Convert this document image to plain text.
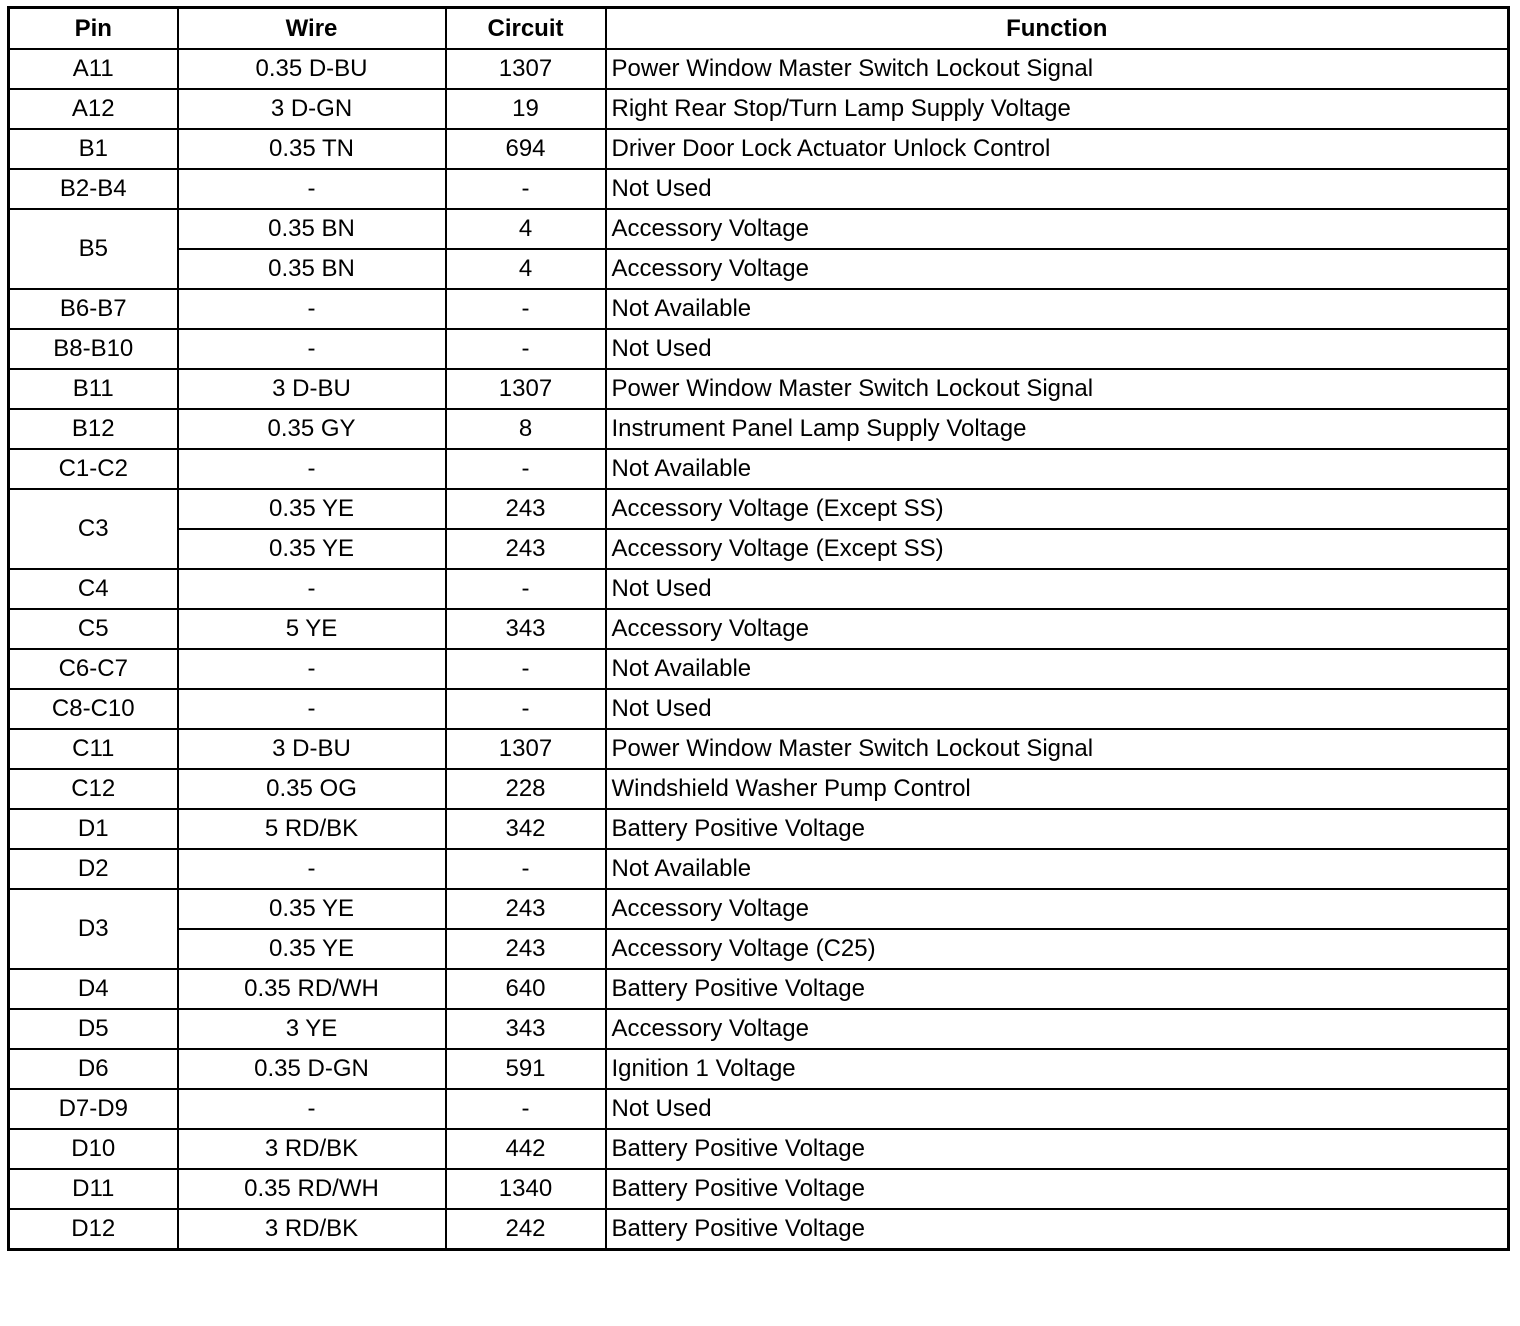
Pin	Wire	Circuit	Function
A11	0.35 D-BU	1307	Power Window Master Switch Lockout Signal
A12	3 D-GN	19	Right Rear Stop/Turn Lamp Supply Voltage
B1	0.35 TN	694	Driver Door Lock Actuator Unlock Control
B2-B4	-	-	Not Used
B5	0.35 BN	4	Accessory Voltage
	0.35 BN	4	Accessory Voltage
B6-B7	-	-	Not Available
B8-B10	-	-	Not Used
B11	3 D-BU	1307	Power Window Master Switch Lockout Signal
B12	0.35 GY	8	Instrument Panel Lamp Supply Voltage
C1-C2	-	-	Not Available
C3	0.35 YE	243	Accessory Voltage (Except SS)
	0.35 YE	243	Accessory Voltage (Except SS)
C4	-	-	Not Used
C5	5 YE	343	Accessory Voltage
C6-C7	-	-	Not Available
C8-C10	-	-	Not Used
C11	3 D-BU	1307	Power Window Master Switch Lockout Signal
C12	0.35 OG	228	Windshield Washer Pump Control
D1	5 RD/BK	342	Battery Positive Voltage
D2	-	-	Not Available
D3	0.35 YE	243	Accessory Voltage
	0.35 YE	243	Accessory Voltage (C25)
D4	0.35 RD/WH	640	Battery Positive Voltage
D5	3 YE	343	Accessory Voltage
D6	0.35 D-GN	591	Ignition 1 Voltage
D7-D9	-	-	Not Used
D10	3 RD/BK	442	Battery Positive Voltage
D11	0.35 RD/WH	1340	Battery Positive Voltage
D12	3 RD/BK	242	Battery Positive Voltage
